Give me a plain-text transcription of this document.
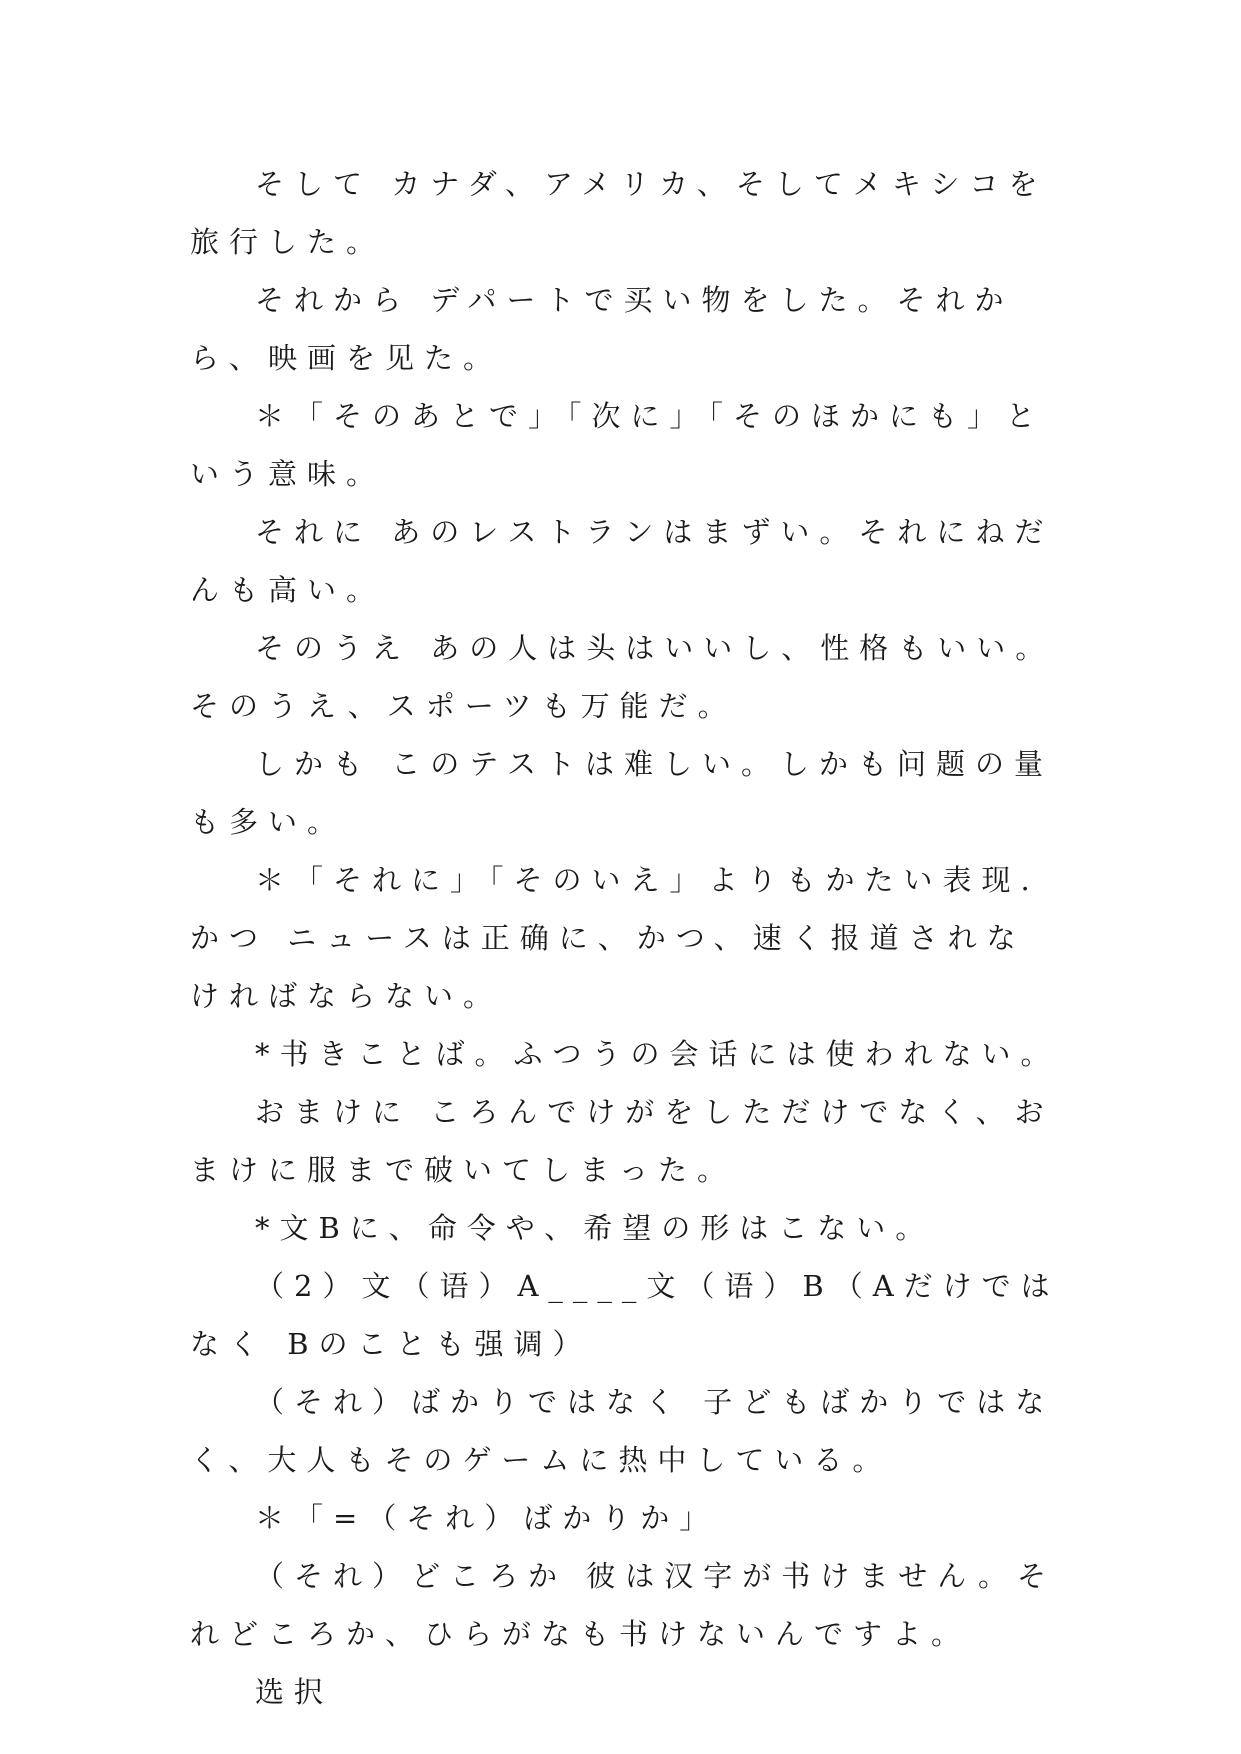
そして カナダ、アメリカ、そしてメキシコを旅行した。

それから デパートで买い物をした。それから、映画を见た。

＊「そのあとで」「次に」「そのほかにも」という意味。

それに あのレストランはまずい。それにねだんも高い。

そのうえ あの人は头はいいし、性格もいい。そのうえ、スポーツも万能だ。

しかも このテストは难しい。しかも问题の量も多い。

＊「それに」「そのいえ」よりもかたい表现.かつ ニュースは正确に、かつ、速く报道されなければならない。

*书きことば。ふつうの会话には使われない。

おまけに ころんでけがをしただけでなく、おまけに服まで破いてしまった。

*文Bに、命令や、希望の形はこない。

（2）文（语）A____文（语）B（Aだけではなく Bのことも强调）

（それ）ばかりではなく 子どもばかりではなく、大人もそのゲームに热中している。

＊「=（それ）ばかりか」

（それ）どころか 彼は汉字が书けません。それどころか、ひらがなも书けないんですよ。

选択
